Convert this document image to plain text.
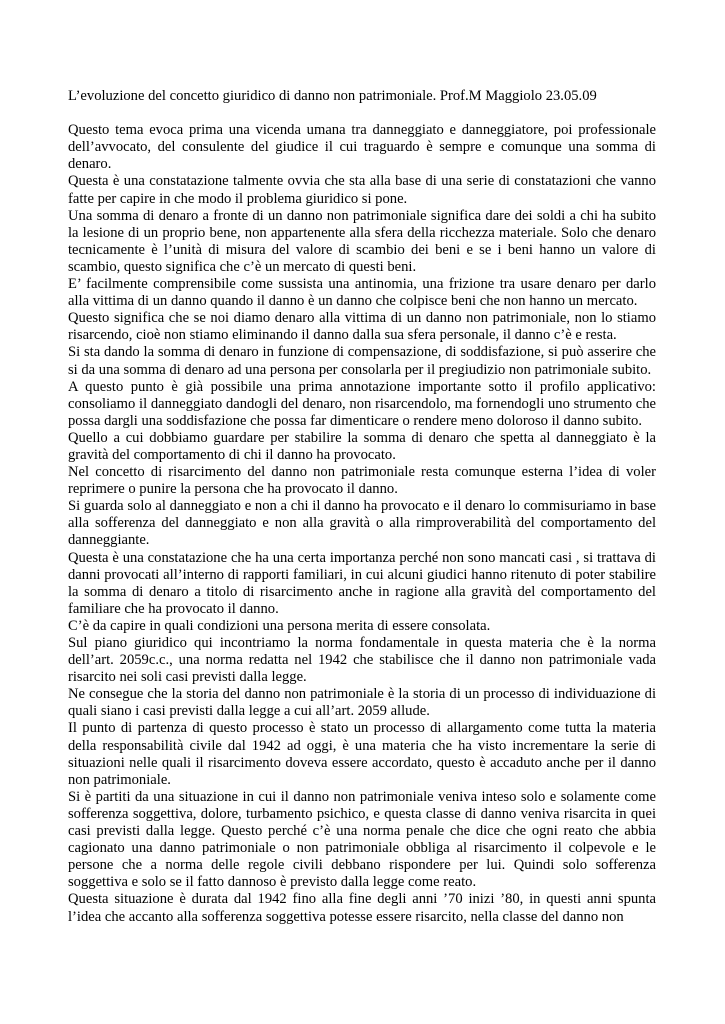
L’evoluzione del concetto giuridico di danno non patrimoniale. Prof.M Maggiolo 23.05.09

Questo tema evoca prima una vicenda umana tra danneggiato e danneggiatore, poi professionale dell’avvocato, del consulente del giudice il cui traguardo è sempre e comunque una somma di denaro.

Questa è una constatazione talmente ovvia che sta alla base di una serie di constatazioni che vanno fatte per capire in che modo il problema giuridico si pone.

Una somma di denaro a fronte di un danno non patrimoniale significa dare dei soldi a chi ha subito la lesione di un proprio bene, non appartenente alla sfera della ricchezza materiale. Solo che denaro tecnicamente è l’unità di misura del valore di scambio dei beni e se i beni hanno un valore di scambio, questo significa che c’è un mercato di questi beni.

E’ facilmente comprensibile come sussista una antinomia, una frizione tra usare denaro per darlo alla vittima di un danno quando il danno è un danno che colpisce beni che non hanno un mercato.

Questo significa che se noi diamo denaro alla vittima di un danno non patrimoniale, non lo stiamo risarcendo, cioè non stiamo eliminando il danno dalla sua sfera personale, il danno c’è e resta.

Si sta dando la somma di denaro in funzione di compensazione, di soddisfazione, si può asserire che si da una somma di denaro ad una persona per consolarla per il pregiudizio non patrimoniale subito.

A questo punto è già possibile una prima annotazione importante sotto il profilo applicativo: consoliamo il danneggiato dandogli del denaro, non risarcendolo, ma fornendogli uno strumento che possa dargli una soddisfazione che possa far dimenticare o rendere meno doloroso il danno subito.

Quello a cui dobbiamo guardare per stabilire la somma di denaro che spetta al danneggiato è la gravità del comportamento di chi il danno ha provocato.

Nel concetto di risarcimento del danno non patrimoniale resta comunque esterna l’idea di voler reprimere o punire la persona che ha provocato il danno.

Si guarda solo al danneggiato e non a chi il danno ha provocato e il denaro lo commisuriamo in base alla sofferenza del danneggiato e non alla gravità o alla rimproverabilità del comportamento del danneggiante.

Questa è una constatazione che ha una certa importanza perché non sono mancati casi , si trattava di danni provocati all’interno di rapporti familiari, in cui alcuni giudici hanno ritenuto di poter stabilire la somma di denaro a titolo di risarcimento anche in ragione alla gravità del comportamento del familiare che ha provocato il danno.

C’è da capire in quali condizioni una persona merita di essere consolata.

Sul piano giuridico qui incontriamo la norma fondamentale in questa materia che è la norma dell’art. 2059c.c., una norma redatta nel 1942 che stabilisce che il danno non patrimoniale vada risarcito nei soli casi previsti dalla legge.

Ne consegue che la storia del danno non patrimoniale è la storia di un processo di individuazione di quali siano i casi previsti dalla legge a cui all’art. 2059 allude.

Il punto di partenza di questo processo è stato un processo di allargamento come tutta la materia della responsabilità civile dal 1942 ad oggi, è una materia che ha visto incrementare la serie di situazioni nelle quali il risarcimento doveva essere accordato, questo è accaduto anche per il danno non patrimoniale.

Si è partiti da una situazione in cui il danno non patrimoniale veniva inteso solo e solamente come sofferenza soggettiva, dolore, turbamento psichico, e questa classe di danno veniva risarcita in quei casi previsti dalla legge. Questo perché c’è una norma penale che dice che ogni reato che abbia cagionato una danno patrimoniale o non patrimoniale obbliga al risarcimento il colpevole e le persone che a norma delle regole civili debbano rispondere per lui. Quindi solo sofferenza soggettiva e solo se il fatto dannoso è previsto dalla legge come reato.

Questa situazione è durata dal 1942 fino alla fine degli anni ’70 inizi ’80, in questi anni spunta l’idea che accanto alla sofferenza soggettiva potesse essere risarcito, nella classe del danno non
